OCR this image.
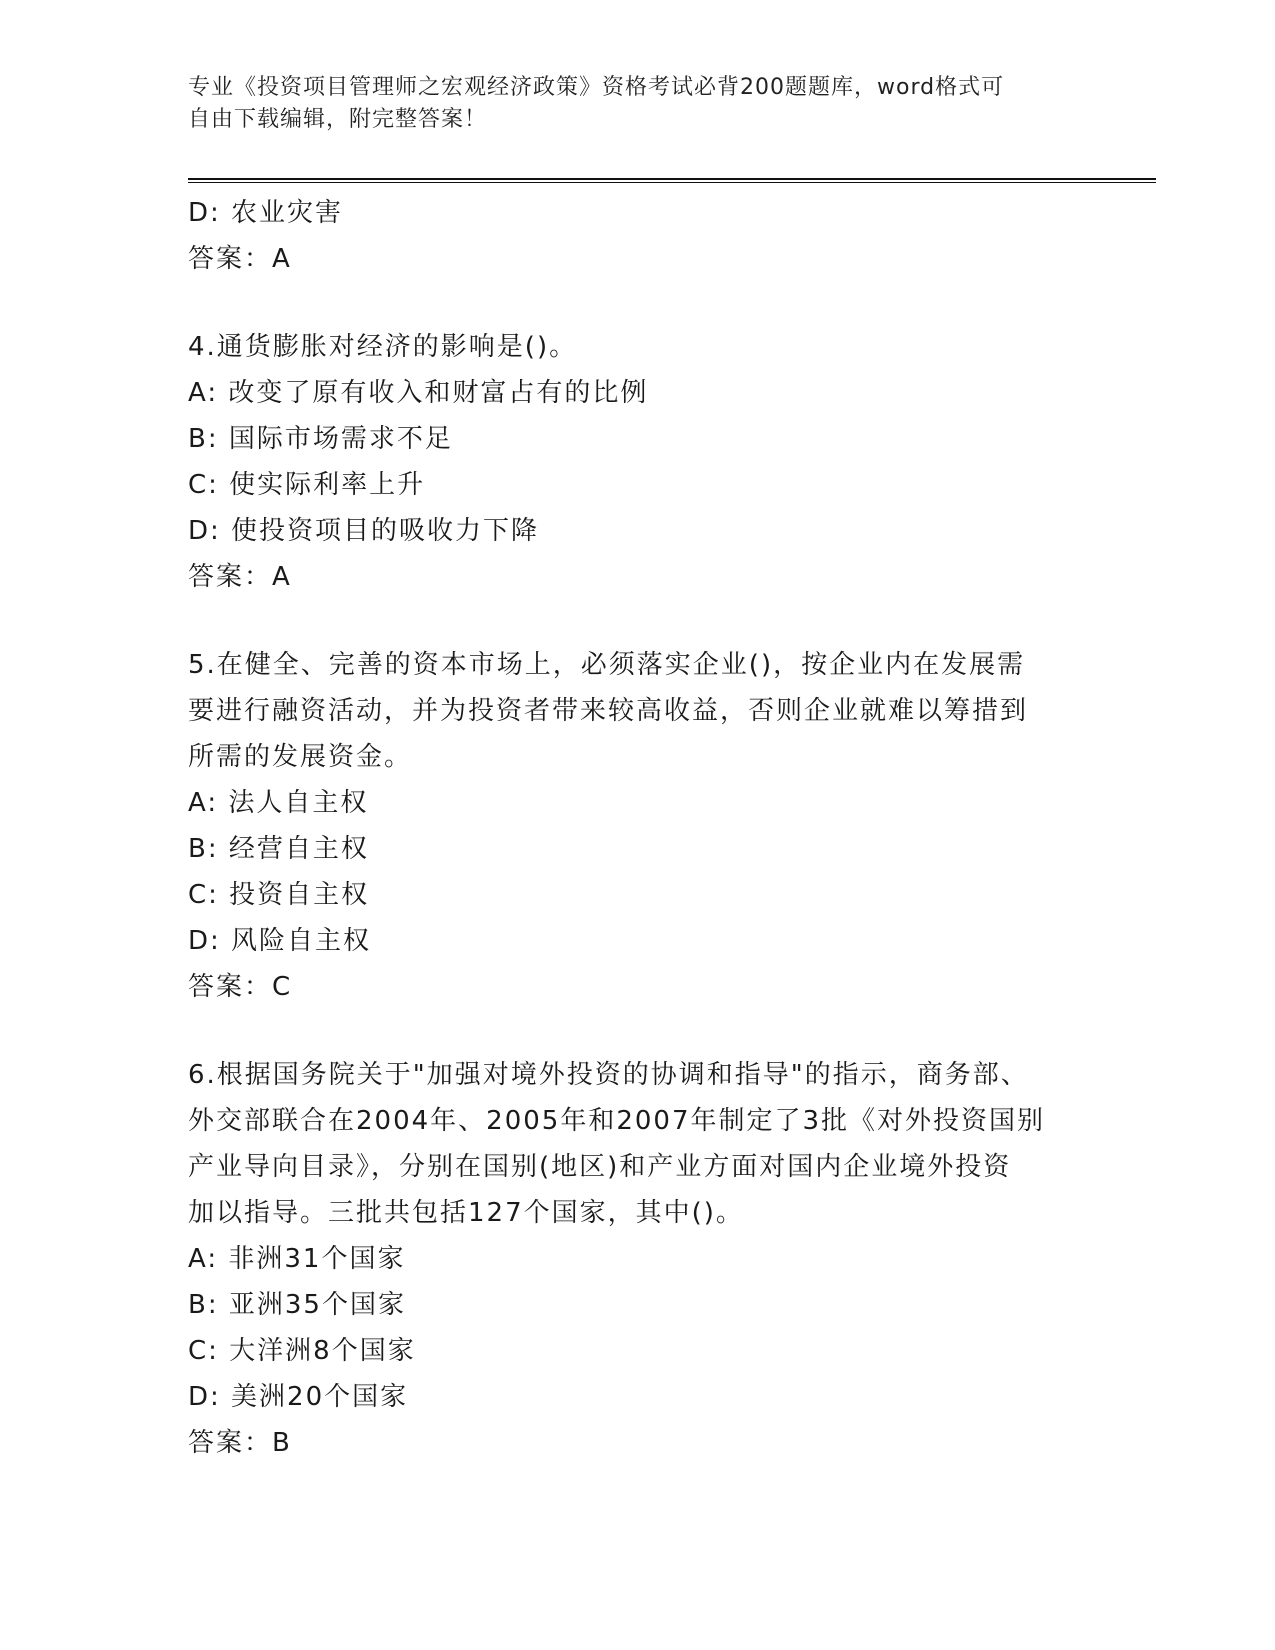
专业《投资项目管理师之宏观经济政策》资格考试必背200题题库，word格式可
自由下载编辑，附完整答案！
D: 农业灾害
答案：A
4.通货膨胀对经济的影响是()。
A: 改变了原有收入和财富占有的比例
B: 国际市场需求不足
C: 使实际利率上升
D: 使投资项目的吸收力下降
答案：A
5.在健全、完善的资本市场上，必须落实企业()，按企业内在发展需
要进行融资活动，并为投资者带来较高收益，否则企业就难以筹措到
所需的发展资金。
A: 法人自主权
B: 经营自主权
C: 投资自主权
D: 风险自主权
答案：C
6.根据国务院关于"加强对境外投资的协调和指导"的指示，商务部、
外交部联合在2004年、2005年和2007年制定了3批《对外投资国别
产业导向目录》，分别在国别(地区)和产业方面对国内企业境外投资
加以指导。三批共包括127个国家，其中()。
A: 非洲31个国家
B: 亚洲35个国家
C: 大洋洲8个国家
D: 美洲20个国家
答案：B
